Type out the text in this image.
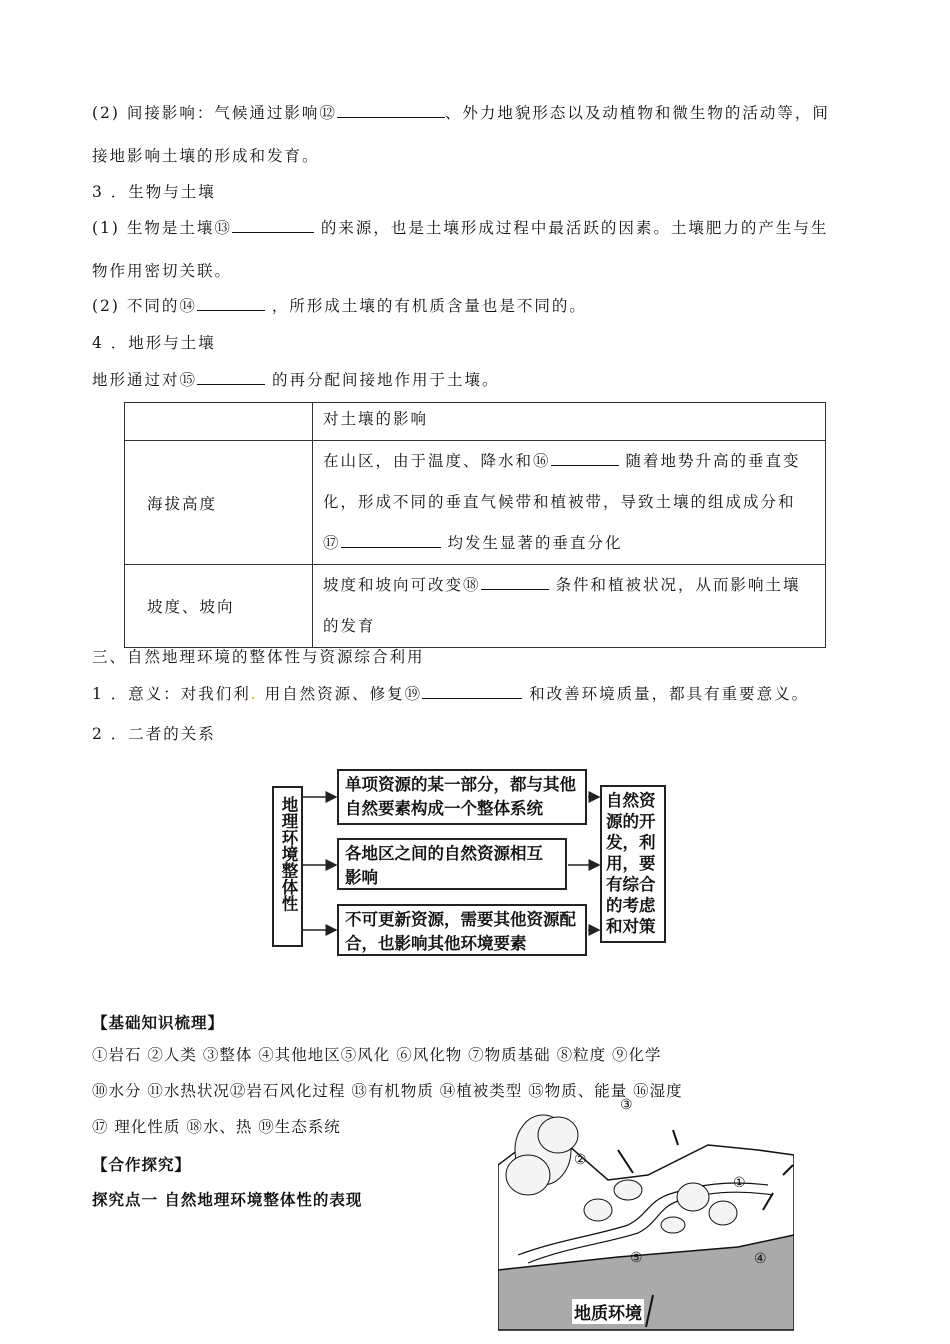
(2) 间接影响：气候通过影响⑫	、外力地貌形态以及动植物和微生物的活动等，间
接地影响土壤的形成和发育。
3 ．生物与土壤
(1) 生物是土壤⑬	的来源，也是土壤形成过程中最活跃的因素。土壤肥力的产生与生
物作用密切关联。
(2) 不同的⑭	，所形成土壤的有机质含量也是不同的。
4 ．地形与土壤
地形通过对⑮	的再分配间接地作用于土壤。
	对土壤的影响
海拔高度	在山区，由于温度、降水和⑯ 随着地势升高的垂直变
化，形成不同的垂直气候带和植被带，导致土壤的组成成分和
⑰ 均发生显著的垂直分化

坡度、坡向	坡度和坡向可改变⑱ 条件和植被状况，从而影响土壤
的发育
三、自然地理环境的整体性与资源综合利用
1 ．意义：对我们利. 用自然资源、修复⑲	和改善环境质量，都具有重要意义。
2 ．二者的关系
地理环境整体性
单项资源的某一部分，都与其他自然要素构成一个整体系统
各地区之间的自然资源相互影响
不可更新资源，需要其他资源配合，也影响其他环境要素
自然资源的开发，利用，要有综合的考虑和对策
【基础知识梳理】
①岩石 ②人类 ③整体 ④其他地区⑤风化 ⑥风化物 ⑦物质基础 ⑧粒度 ⑨化学
⑩水分 ⑪水热状况⑫岩石风化过程 ⑬有机物质 ⑭植被类型 ⑮物质、能量 ⑯湿度
⑰ 理化性质 ⑱水、热 ⑲生态系统
【合作探究】
探究点一 自然地理环境整体性的表现
③
②
①
④
⑤
地质环境
